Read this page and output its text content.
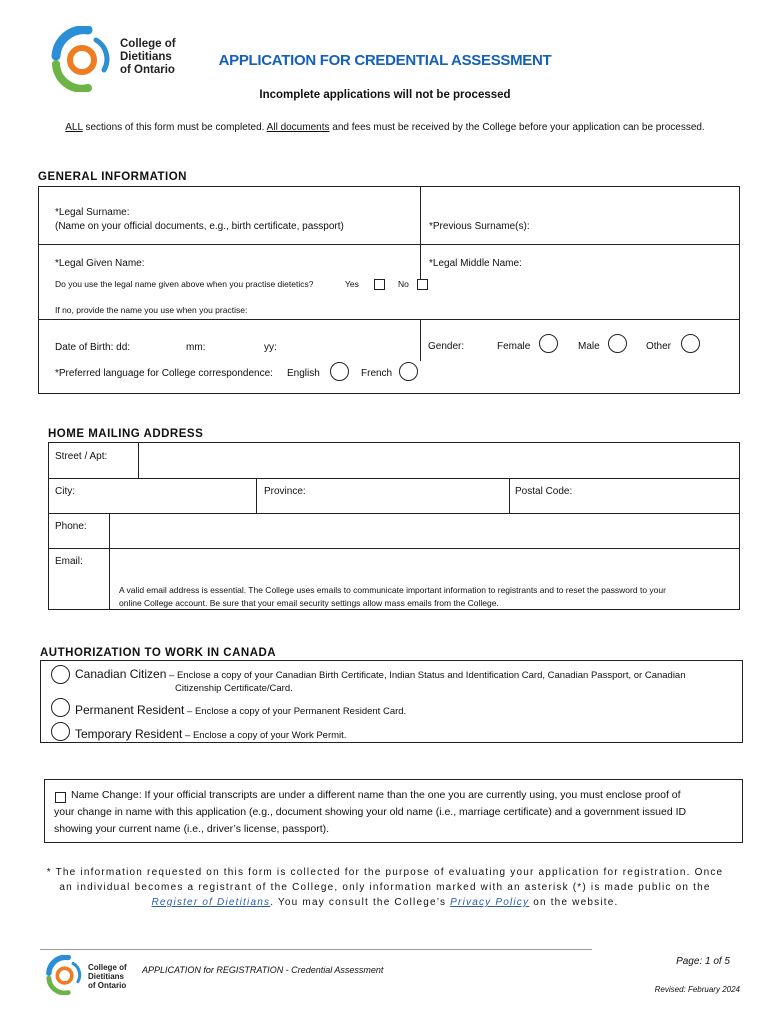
College of
Dietitians
of Ontario
APPLICATION FOR CREDENTIAL ASSESSMENT
Incomplete applications will not be processed
ALL sections of this form must be completed. All documents and fees must be received by the College before your application can be processed.
GENERAL INFORMATION
*Legal Surname:
(Name on your official documents, e.g., birth certificate, passport)	*Previous Surname(s):
*Legal Given Name:	*Legal Middle Name:
Do you use the legal name given above when you practise dietetics?	Yes	No
If no, provide the name you use when you practise:
Date of Birth: dd:	mm:	yy:	Gender:	Female	Male	Other
*Preferred language for College correspondence: English	French
HOME MAILING ADDRESS
Street / Apt:
City:	Province:	Postal Code:
Phone:
Email:
A valid email address is essential. The College uses emails to communicate important information to registrants and to reset the password to your
online College account. Be sure that your email security settings allow mass emails from the College.
AUTHORIZATION TO WORK IN CANADA
Canadian Citizen – Enclose a copy of your Canadian Birth Certificate, Indian Status and Identification Card, Canadian Passport, or Canadian
Citizenship Certificate/Card.
Permanent Resident – Enclose a copy of your Permanent Resident Card.
Temporary Resident – Enclose a copy of your Work Permit.
Name Change: If your official transcripts are under a different name than the one you are currently using, you must enclose proof of
your change in name with this application (e.g., document showing your old name (i.e., marriage certificate) and a government issued ID
showing your current name (i.e., driver’s license, passport).
* The information requested on this form is collected for the purpose of evaluating your application for registration. Once
an individual becomes a registrant of the College, only information marked with an asterisk (*) is made public on the
Register of Dietitians. You may consult the College’s Privacy Policy on the website.
College of
Dietitians
of Ontario
APPLICATION for REGISTRATION - Credential Assessment
Page: 1 of 5
Revised: February 2024
